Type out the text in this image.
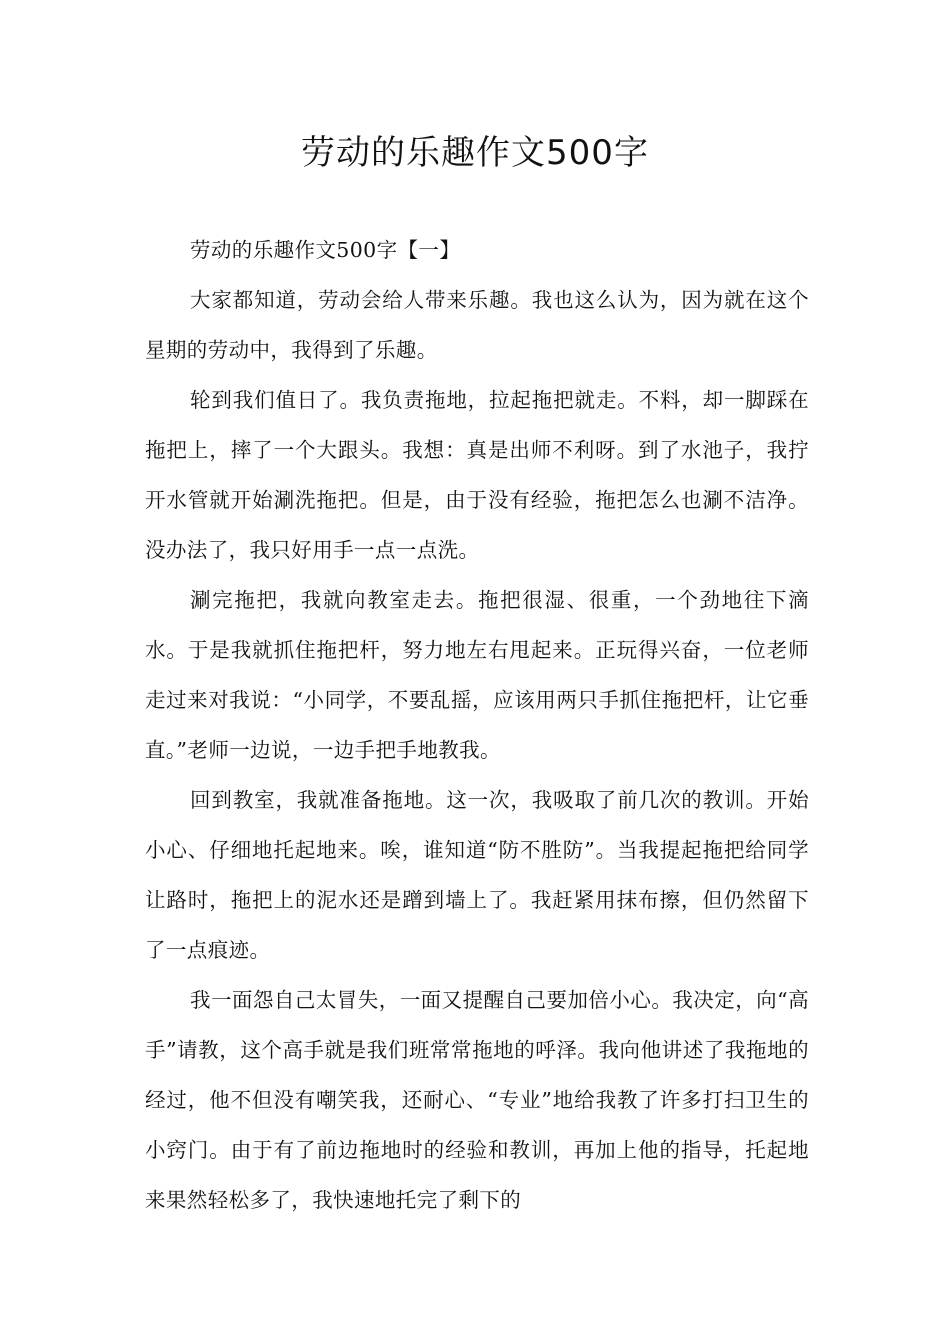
劳动的乐趣作文500字

劳动的乐趣作文500字【一】

大家都知道，劳动会给人带来乐趣。我也这么认为，因为就在这个星期的劳动中，我得到了乐趣。

轮到我们值日了。我负责拖地，拉起拖把就走。不料，却一脚踩在拖把上，摔了一个大跟头。我想：真是出师不利呀。到了水池子，我拧开水管就开始涮洗拖把。但是，由于没有经验，拖把怎么也涮不洁净。没办法了，我只好用手一点一点洗。

涮完拖把，我就向教室走去。拖把很湿、很重，一个劲地往下滴水。于是我就抓住拖把杆，努力地左右甩起来。正玩得兴奋，一位老师走过来对我说：“小同学，不要乱摇，应该用两只手抓住拖把杆，让它垂直。”老师一边说，一边手把手地教我。

回到教室，我就准备拖地。这一次，我吸取了前几次的教训。开始小心、仔细地托起地来。唉，谁知道“防不胜防”。当我提起拖把给同学让路时，拖把上的泥水还是蹭到墙上了。我赶紧用抹布擦，但仍然留下了一点痕迹。

我一面怨自己太冒失，一面又提醒自己要加倍小心。我决定，向“高手”请教，这个高手就是我们班常常拖地的呼泽。我向他讲述了我拖地的经过，他不但没有嘲笑我，还耐心、“专业”地给我教了许多打扫卫生的小窍门。由于有了前边拖地时的经验和教训，再加上他的指导，托起地来果然轻松多了，我快速地托完了剩下的
